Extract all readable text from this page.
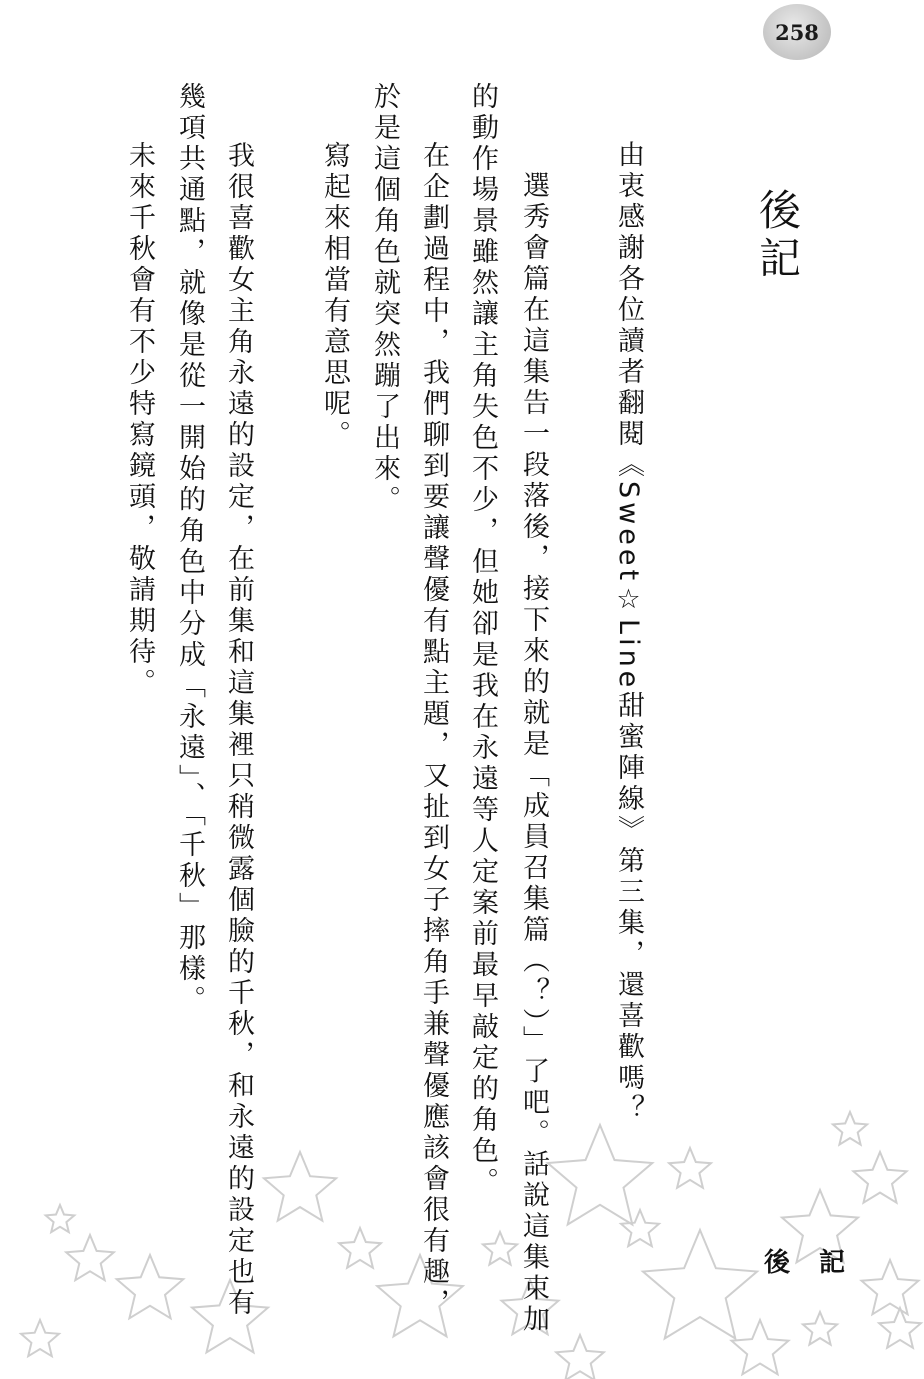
258
後記
由衷感謝各位讀者翻閱《Sweet☆Line甜蜜陣線》第三集，還喜歡嗎？
　選秀會篇在這集告一段落後，接下來的就是「成員召集篇（？）」了吧。話說這集束加
的動作場景雖然讓主角失色不少，但她卻是我在永遠等人定案前最早敲定的角色。
　在企劃過程中，我們聊到要讓聲優有點主題，又扯到女子摔角手兼聲優應該會很有趣，
於是這個角色就突然蹦了出來。
　寫起來相當有意思呢。
　我很喜歡女主角永遠的設定，在前集和這集裡只稍微露個臉的千秋，和永遠的設定也有
幾項共通點，就像是從一開始的角色中分成「永遠」、「千秋」那樣。
　未來千秋會有不少特寫鏡頭，敬請期待。
後 記
